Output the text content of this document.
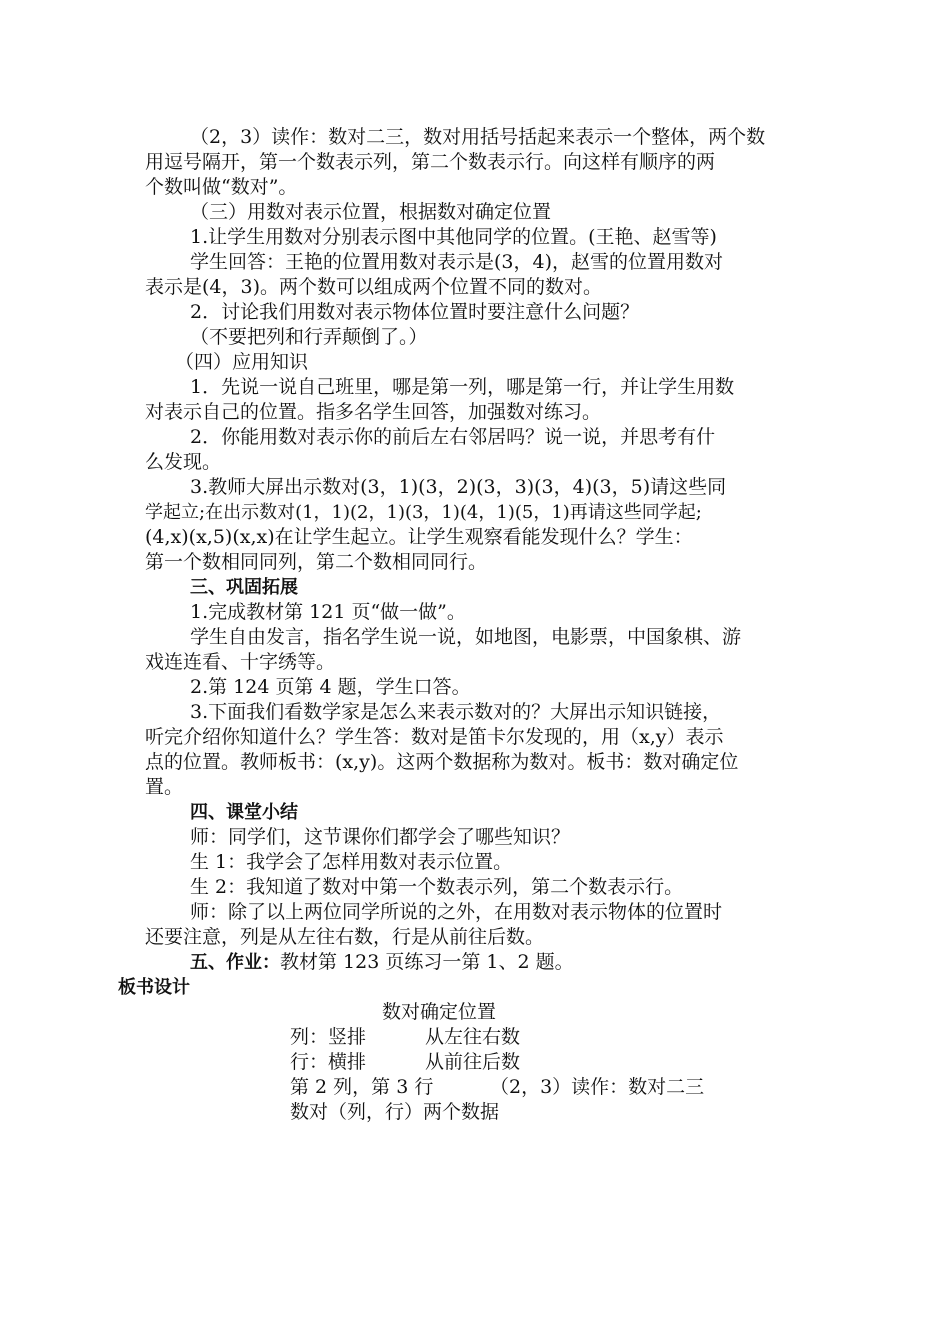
（2，3）读作：数对二三，数对用括号括起来表示一个整体，两个数
用逗号隔开，第一个数表示列，第二个数表示行。向这样有顺序的两
个数叫做“数对”。
（三）用数对表示位置，根据数对确定位置
1.让学生用数对分别表示图中其他同学的位置。(王艳、赵雪等)
学生回答：王艳的位置用数对表示是(3，4)，赵雪的位置用数对
表示是(4，3)。两个数可以组成两个位置不同的数对。
2．讨论我们用数对表示物体位置时要注意什么问题？
（不要把列和行弄颠倒了。）
（四）应用知识
1．先说一说自己班里，哪是第一列，哪是第一行，并让学生用数
对表示自己的位置。指多名学生回答，加强数对练习。
2．你能用数对表示你的前后左右邻居吗？说一说，并思考有什
么发现。
3.教师大屏出示数对(3，1)(3，2)(3，3)(3，4)(3，5)请这些同
学起立;在出示数对(1，1)(2，1)(3，1)(4，1)(5，1)再请这些同学起;
(4,x)(x,5)(x,x)在让学生起立。让学生观察看能发现什么？学生：
第一个数相同同列，第二个数相同同行。
三、巩固拓展
1.完成教材第 121 页“做一做”。
学生自由发言，指名学生说一说，如地图，电影票，中国象棋、游
戏连连看、十字绣等。
2.第 124 页第 4 题，学生口答。
3.下面我们看数学家是怎么来表示数对的？大屏出示知识链接，
听完介绍你知道什么？学生答：数对是笛卡尔发现的，用（x,y）表示
点的位置。教师板书：(x,y)。这两个数据称为数对。板书：数对确定位
置。
四、课堂小结
师：同学们，这节课你们都学会了哪些知识？
生 1：我学会了怎样用数对表示位置。
生 2：我知道了数对中第一个数表示列，第二个数表示行。
师：除了以上两位同学所说的之外，在用数对表示物体的位置时
还要注意，列是从左往右数，行是从前往后数。
五、作业：教材第 123 页练习一第 1、2 题。
板书设计
数对确定位置
列：竖排	从左往右数
行：横排	从前往后数
第 2 列，第 3 行	（2，3）读作：数对二三
数对（列，行）两个数据
